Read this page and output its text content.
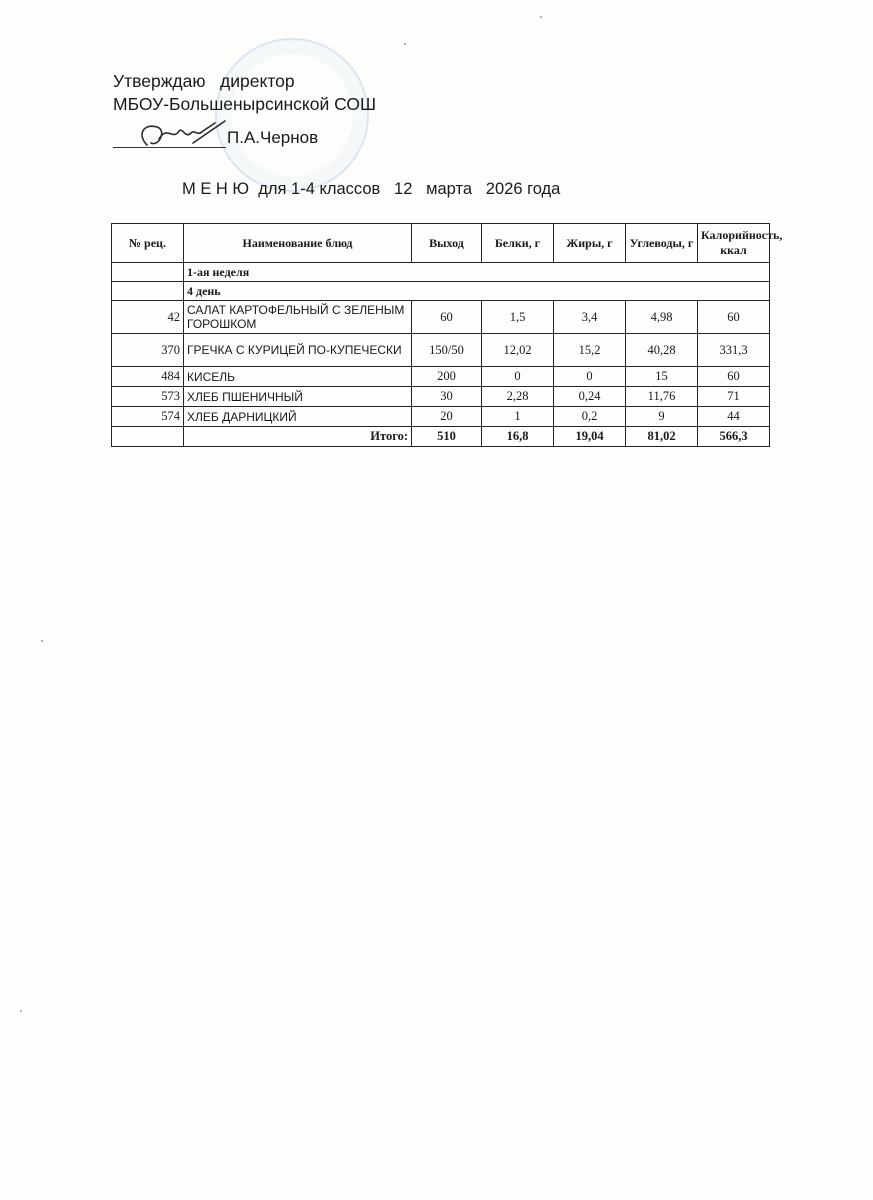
Утверждаю   директор
МБОУ-Большенырсинской СОШ
П.А.Чернов
М Е Н Ю  для 1-4 классов   12   марта   2026 года
№ рец.	Наименование блюд	Выход	Белки, г	Жиры, г	Углеводы, г	Калорийность, ккал
	1-ая неделя					
	4 день					
42	САЛАТ КАРТОФЕЛЬНЫЙ С ЗЕЛЕНЫМ ГОРОШКОМ	60	1,5	3,4	4,98	60
370	ГРЕЧКА С КУРИЦЕЙ ПО-КУПЕЧЕСКИ	150/50	12,02	15,2	40,28	331,3
484	КИСЕЛЬ	200	0	0	15	60
573	ХЛЕБ ПШЕНИЧНЫЙ	30	2,28	0,24	11,76	71
574	ХЛЕБ ДАРНИЦКИЙ	20	1	0,2	9	44
	Итого:	510	16,8	19,04	81,02	566,3
